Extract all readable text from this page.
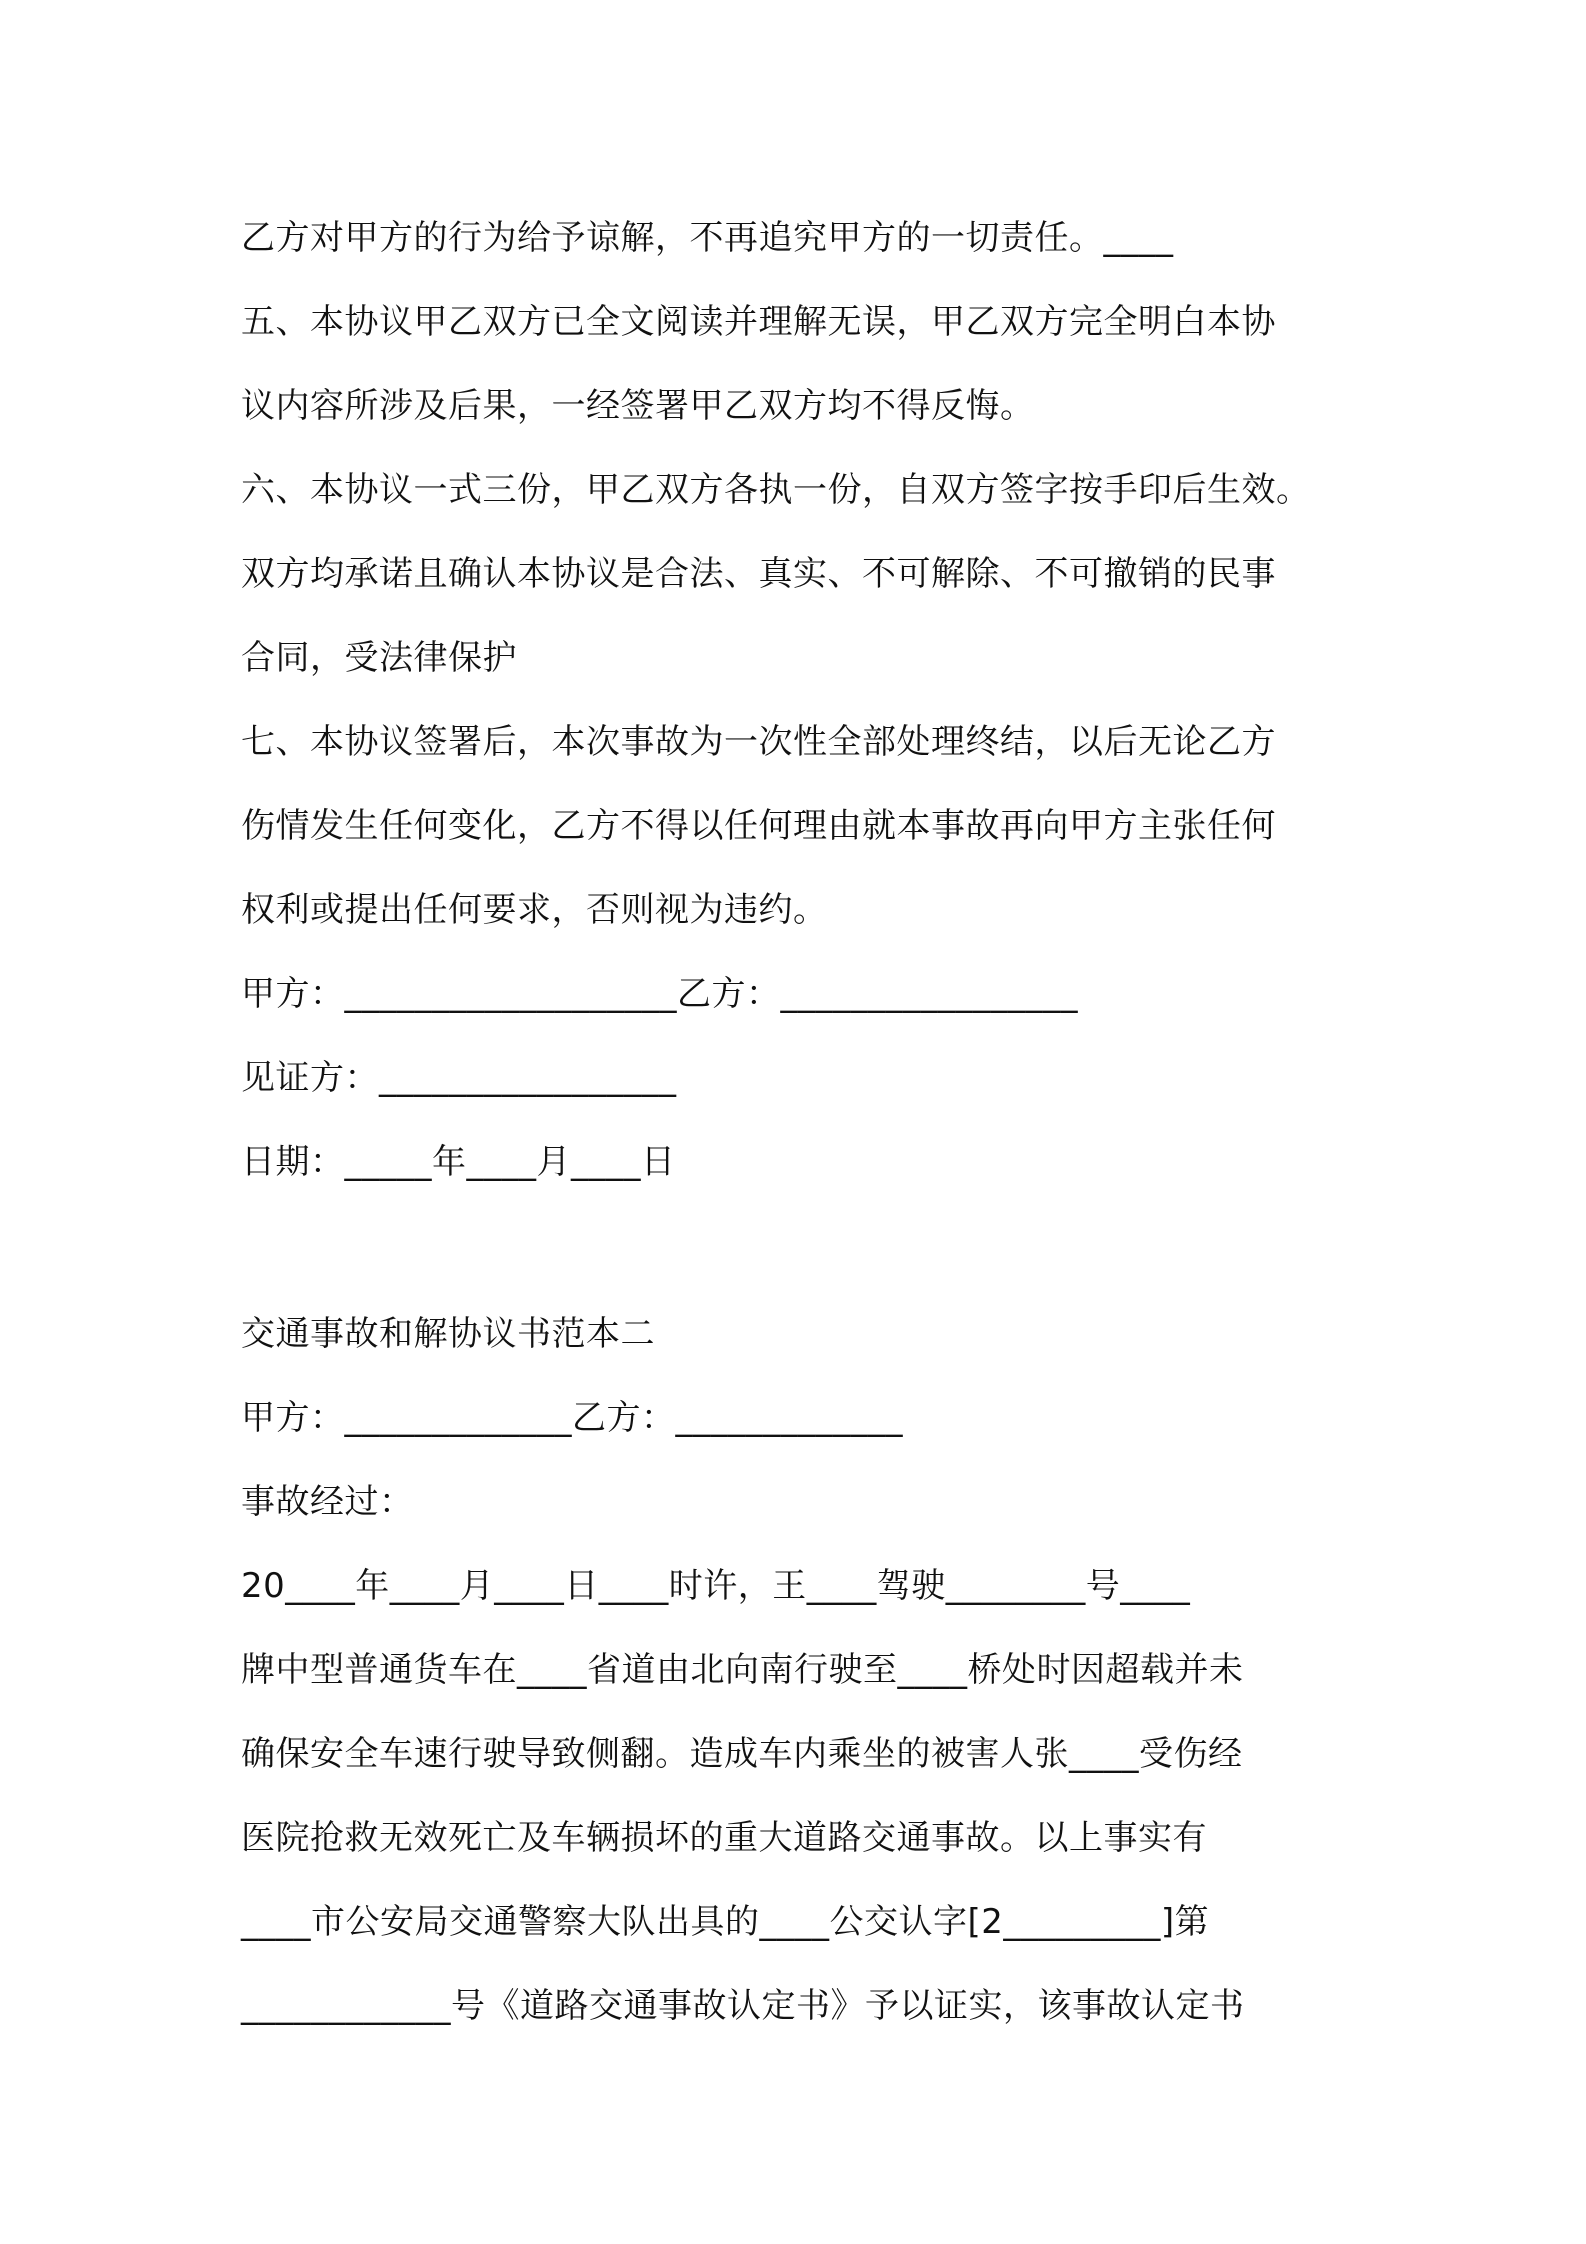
乙方对甲方的行为给予谅解，不再追究甲方的一切责任。____
五、本协议甲乙双方已全文阅读并理解无误，甲乙双方完全明白本协
议内容所涉及后果，一经签署甲乙双方均不得反悔。
六、本协议一式三份，甲乙双方各执一份，自双方签字按手印后生效。
双方均承诺且确认本协议是合法、真实、不可解除、不可撤销的民事
合同，受法律保护
七、本协议签署后，本次事故为一次性全部处理终结，以后无论乙方
伤情发生任何变化，乙方不得以任何理由就本事故再向甲方主张任何
权利或提出任何要求，否则视为违约。
甲方：___________________乙方：_________________
见证方：_________________
日期：_____年____月____日
交通事故和解协议书范本二
甲方：_____________乙方：_____________
事故经过：
20____年____月____日____时许，王____驾驶________号____
牌中型普通货车在____省道由北向南行驶至____桥处时因超载并未
确保安全车速行驶导致侧翻。造成车内乘坐的被害人张____受伤经
医院抢救无效死亡及车辆损坏的重大道路交通事故。以上事实有
____市公安局交通警察大队出具的____公交认字[2_________]第
____________号《道路交通事故认定书》予以证实，该事故认定书
